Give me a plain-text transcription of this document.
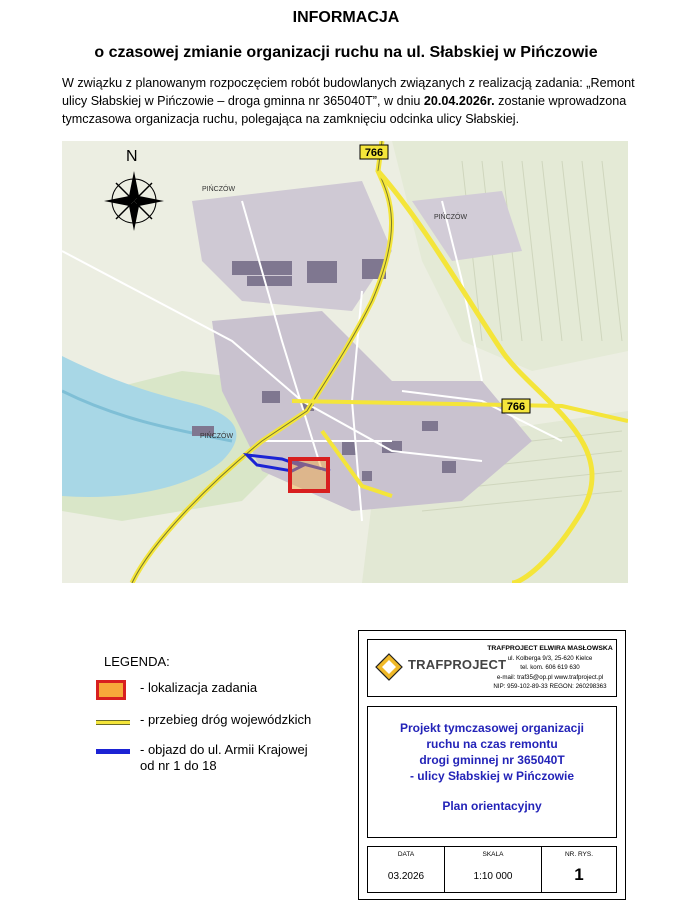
INFORMACJA
o czasowej zmianie organizacji ruchu na ul. Słabskiej w Pińczowie
W związku z planowanym rozpoczęciem robót budowlanych związanych z realizacją zadania: „Remont
ulicy Słabskiej w Pińczowie – droga gminna nr 365040T”, w dniu 20.04.2026r. zostanie wprowadzona
tymczasowa organizacja ruchu, polegająca na zamknięciu odcinka ulicy Słabskiej.
766
766
PIŃCZÓW
PIŃCZÓW
PIŃCZÓW
N
LEGENDA:
- lokalizacja zadania
- przebieg dróg wojewódzkich
- objazd do ul. Armii Krajowej
od nr 1 do 18
TRAFPROJECT
TRAFPROJECT ELWIRA MASŁOWSKA
ul. Kolberga 9/3, 25-620 Kielce
tel. kom. 606 619 630
e-mail: traf35@op.pl www.trafproject.pl
NIP: 959-102-89-33 REGON: 260298363
Projekt tymczasowej organizacji
ruchu na czas remontu
drogi gminnej nr 365040T
- ulicy Słabskiej w Pińczowie
Plan orientacyjny
DATA
03.2026
SKALA
1:10 000
NR. RYS.
1
